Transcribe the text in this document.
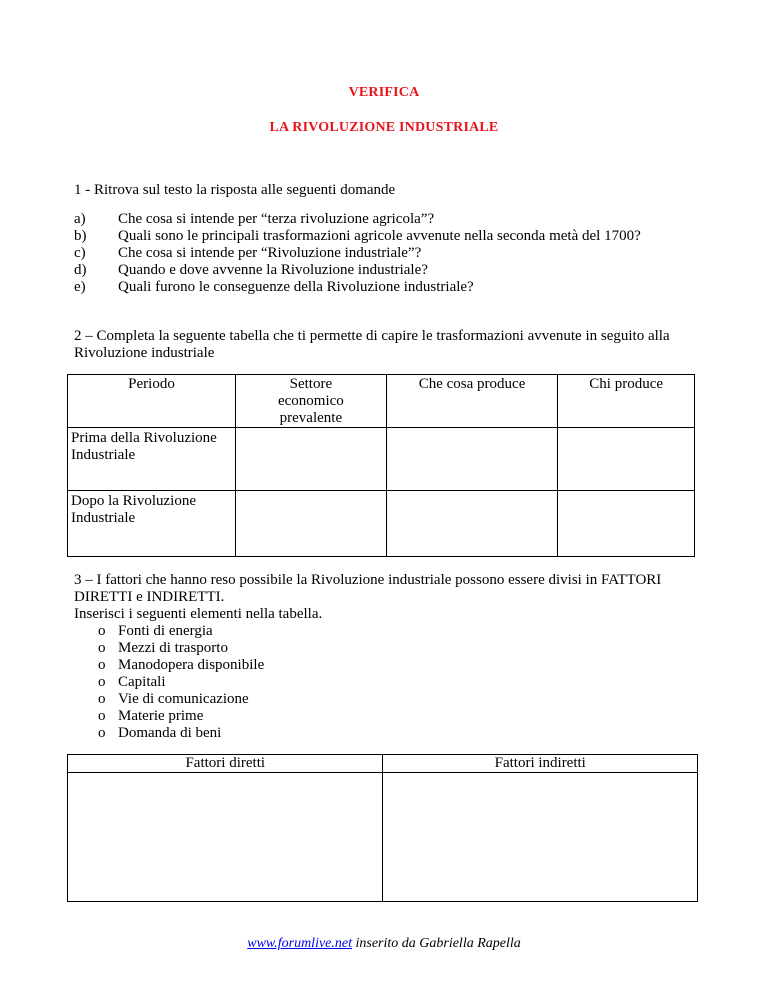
VERIFICA
LA RIVOLUZIONE INDUSTRIALE
1 - Ritrova sul testo la risposta alle seguenti domande
a) Che cosa si intende per “terza rivoluzione agricola”?
b) Quali sono le principali trasformazioni agricole avvenute nella seconda metà del 1700?
c) Che cosa si intende per “Rivoluzione industriale”?
d) Quando e dove avvenne la Rivoluzione industriale?
e) Quali furono le conseguenze della Rivoluzione industriale?
2 – Completa la seguente tabella che ti permette di capire le trasformazioni avvenute in seguito alla
Rivoluzione industriale
Periodo	Settore economico prevalente	Che cosa produce	Chi produce

Prima della Rivoluzione Industriale			

Dopo la Rivoluzione Industriale			

3 – I fattori che hanno reso possibile la Rivoluzione industriale possono essere divisi in FATTORI
DIRETTI e INDIRETTI.
Inserisci i seguenti elementi nella tabella.
o Fonti di energia
o Mezzi di trasporto
o Manodopera disponibile
o Capitali
o Vie di comunicazione
o Materie prime
o Domanda di beni
Fattori diretti	Fattori indiretti

www.forumlive.net inserito da Gabriella Rapella
